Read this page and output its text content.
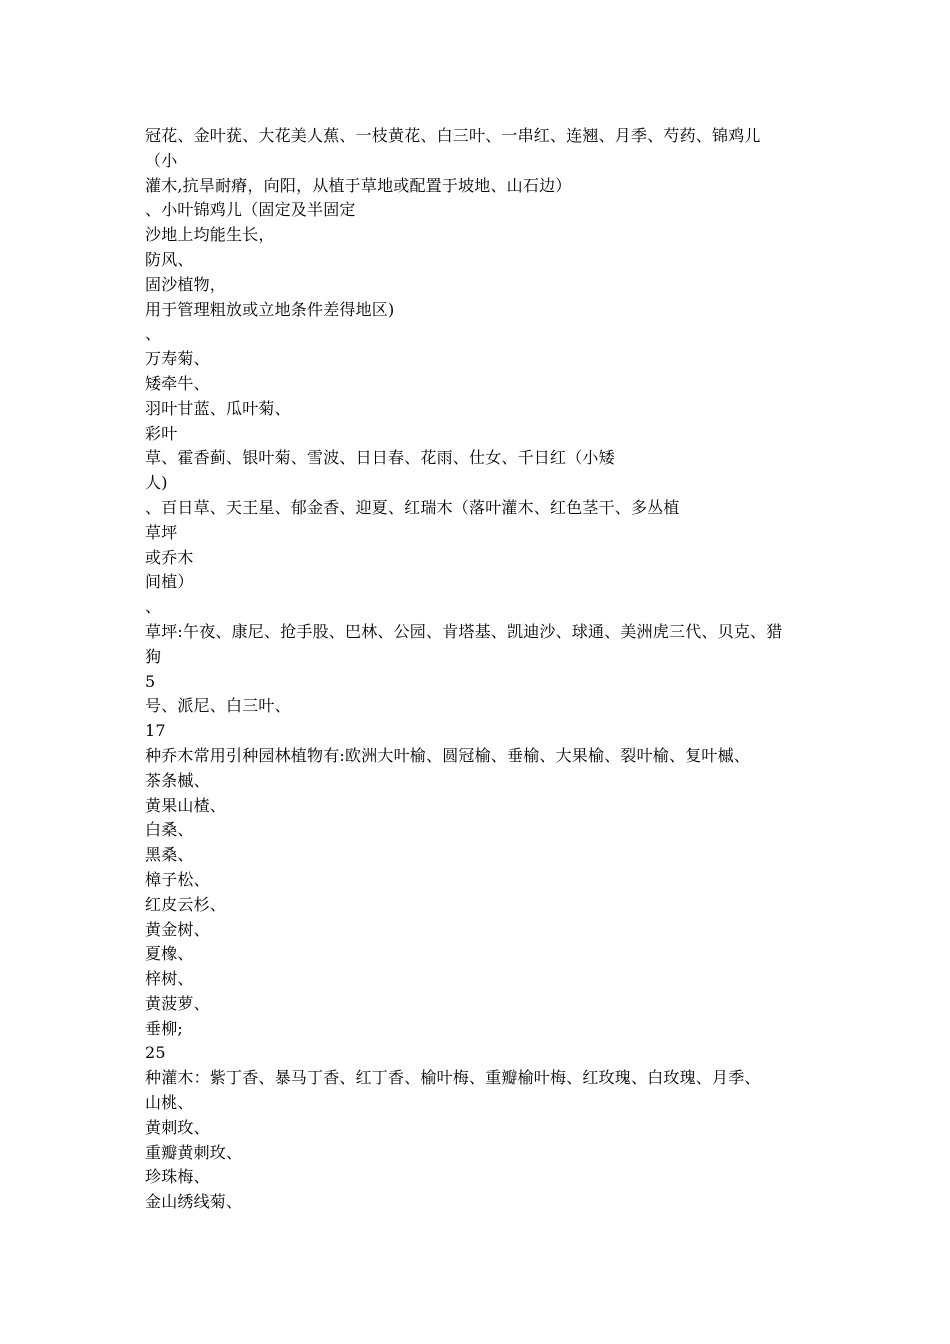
冠花、金叶莸、大花美人蕉、一枝黄花、白三叶、一串红、连翘、月季、芍药、锦鸡儿
（小
灌木,抗旱耐瘠，向阳，从植于草地或配置于坡地、山石边）
、小叶锦鸡儿（固定及半固定
沙地上均能生长，
防风、
固沙植物，
用于管理粗放或立地条件差得地区)
、
万寿菊、
矮牵牛、
羽叶甘蓝、瓜叶菊、
彩叶
草、霍香蓟、银叶菊、雪波、日日春、花雨、仕女、千日红（小矮
人)
、百日草、天王星、郁金香、迎夏、红瑞木（落叶灌木、红色茎干、多丛植
草坪
或乔木
间植）
、
草坪:午夜、康尼、抢手股、巴林、公园、肯塔基、凯迪沙、球通、美洲虎三代、贝克、猎
狗
5
号、派尼、白三叶、
17
种乔木常用引种园林植物有:欧洲大叶榆、圆冠榆、垂榆、大果榆、裂叶榆、复叶槭、
茶条槭、
黄果山楂、
白桑、
黑桑、
樟子松、
红皮云杉、
黄金树、
夏橡、
梓树、
黄菠萝、
垂柳;
25
种灌木：紫丁香、暴马丁香、红丁香、榆叶梅、重瓣榆叶梅、红玫瑰、白玫瑰、月季、
山桃、
黄刺玫、
重瓣黄刺玫、
珍珠梅、
金山绣线菊、
